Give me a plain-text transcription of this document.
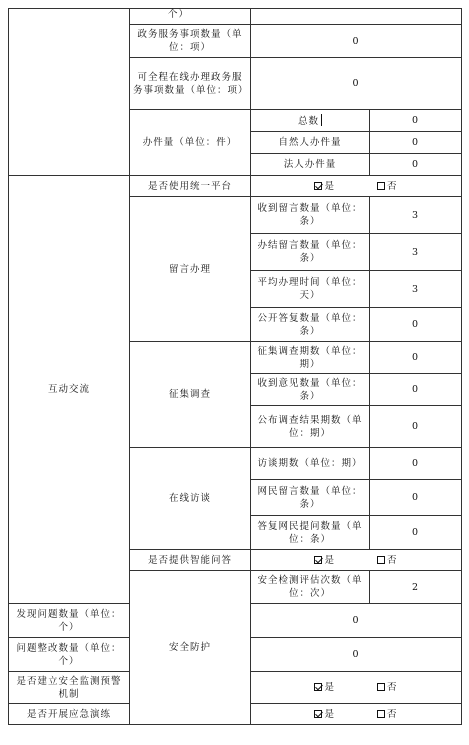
	个）		
	政务服务事项数量（单位：项）	0	
	可全程在线办理政务服务事项数量（单位：项）	0	
	办件量（单位：件）	总数	0
		自然人办件量	0
		法人办件量	0
互动交流	是否使用统一平台	是 否	
	留言办理	收到留言数量（单位：条）	3
		办结留言数量（单位：条）	3
		平均办理时间（单位：天）	3
		公开答复数量（单位：条）	0
	征集调查	征集调查期数（单位：期）	0
		收到意见数量（单位：条）	0
		公布调查结果期数（单位：期）	0
	在线访谈	访谈期数（单位：期）	0
		网民留言数量（单位：条）	0
		答复网民提问数量（单位：条）	0
	是否提供智能问答	是 否	
	安全防护	安全检测评估次数（单位：次）	2
发现问题数量（单位：个）		0	
问题整改数量（单位：个）		0	
是否建立安全监测预警机制		是 否	
是否开展应急演练		是 否	
